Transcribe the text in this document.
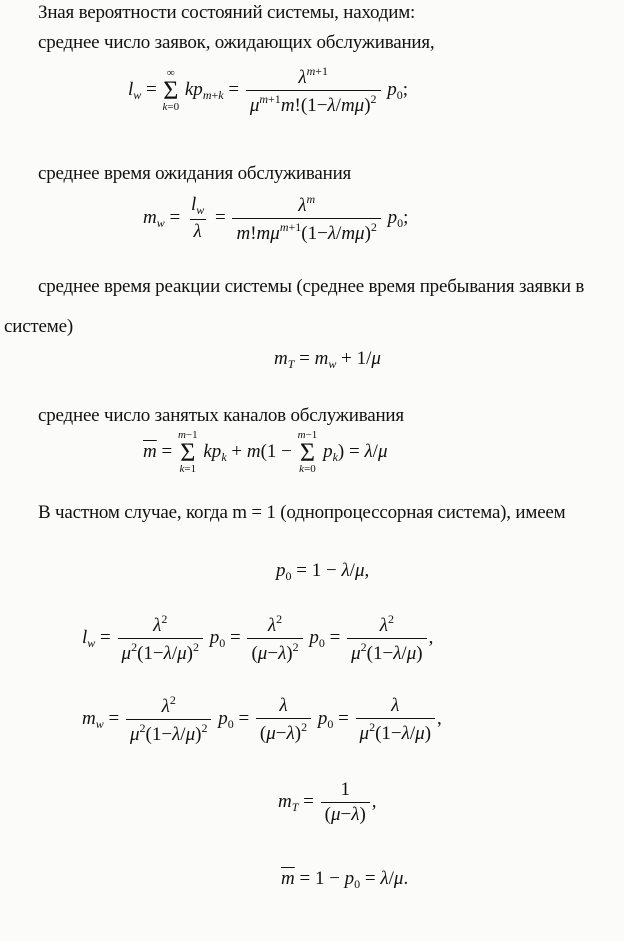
Зная вероятности состояний системы, находим:
среднее число заявок, ожидающих обслуживания,
$l_w$ =
∞
Σ
k=0
$kp_{m+k} = \frac{\lambda^{m+1}}{\mu^{m+1}m!(1-\lambda/m\mu)^2} p_0$;
среднее время ожидания обслуживания
$m_w = \frac{l_w}{\lambda} = \frac{\lambda^m}{m!m\mu^{m+1}(1-\lambda/m\mu)^2} p_0$;
среднее время реакции системы (среднее время пребывания заявки в
системе)
$m_T = m_w + 1/\mu$
среднее число занятых каналов обслуживания
$\overline{m}$ =
m−1
Σ
k=1
$kp_k + m(1$ −
m−1
Σ
k=0
$p_k) = \lambda/\mu$
В частном случае, когда m = 1 (однопроцессорная система), имеем
$p_0 = 1 - \lambda/\mu$,
$l_w = \frac{\lambda^2}{\mu^2(1-\lambda/\mu)^2} p_0 = \frac{\lambda^2}{(\mu-\lambda)^2} p_0 = \frac{\lambda^2}{\mu^2(1-\lambda/\mu)}$ ,
$m_w = \frac{\lambda^2}{\mu^2(1-\lambda/\mu)^2} p_0 = \frac{\lambda}{(\mu-\lambda)^2} p_0 = \frac{\lambda}{\mu^2(1-\lambda/\mu)}$ ,
$m_T = \frac{1}{(\mu-\lambda)}$ ,
$\overline{m} = 1 - p_0 = \lambda/\mu$.
